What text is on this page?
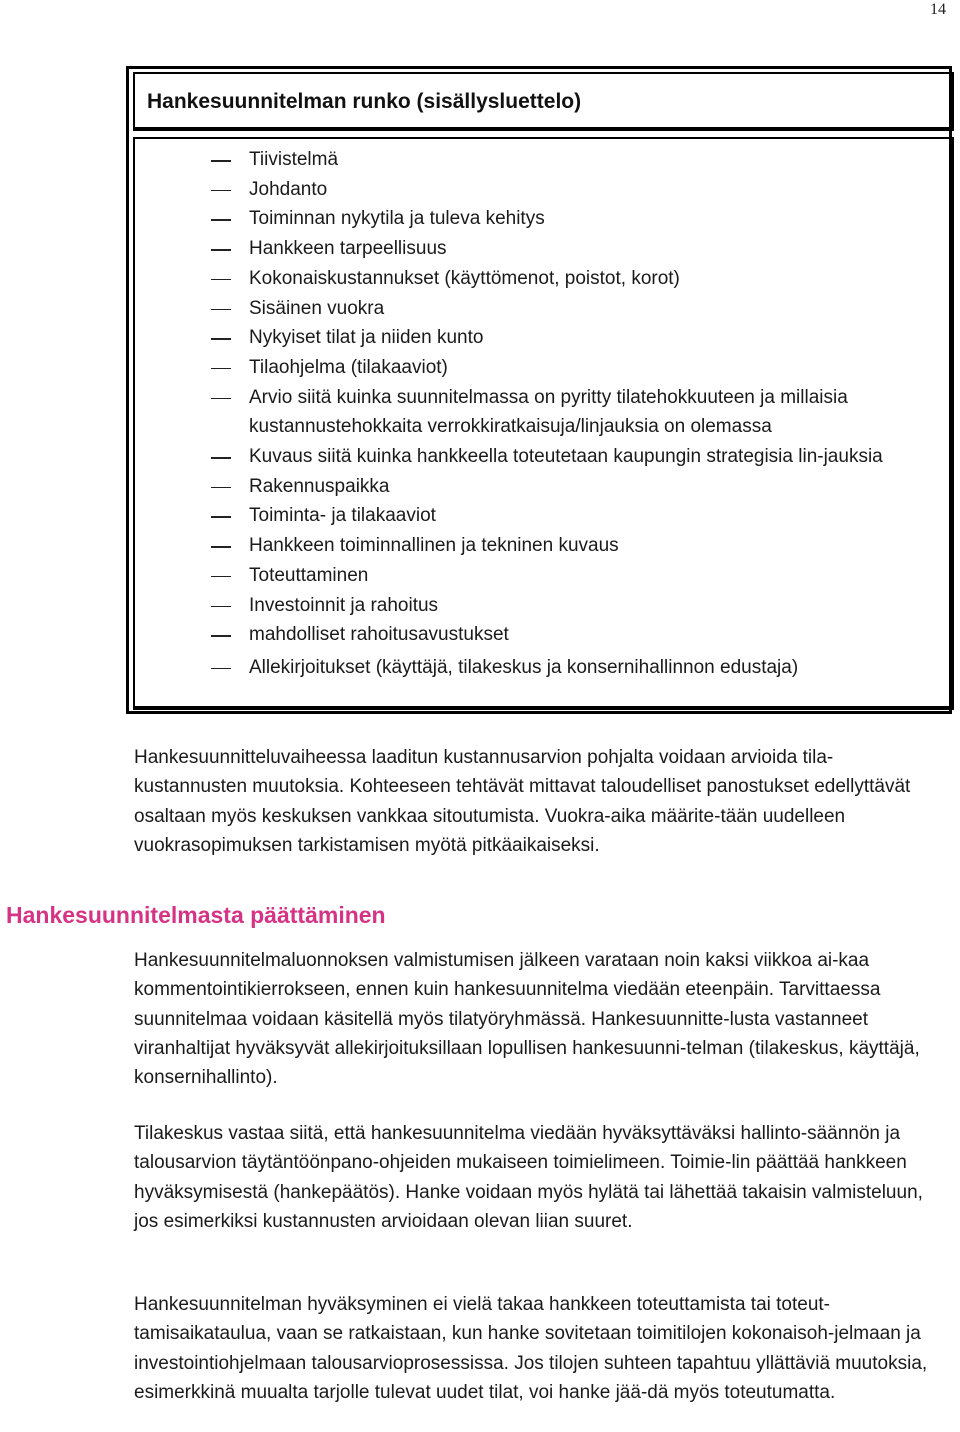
14
Hankesuunnitelman runko (sisällysluettelo)
Tiivistelmä
Johdanto
Toiminnan nykytila ja tuleva kehitys
Hankkeen tarpeellisuus
Kokonaiskustannukset (käyttömenot, poistot, korot)
Sisäinen vuokra
Nykyiset tilat ja niiden kunto
Tilaohjelma (tilakaaviot)
Arvio siitä kuinka suunnitelmassa on pyritty tilatehokkuuteen ja millaisia kustannustehokkaita verrokkiratkaisuja/linjauksia on olemassa
Kuvaus siitä kuinka hankkeella toteutetaan kaupungin strategisia lin-jauksia
Rakennuspaikka
Toiminta- ja tilakaaviot
Hankkeen toiminnallinen ja tekninen kuvaus
Toteuttaminen
Investoinnit ja rahoitus
mahdolliset rahoitusavustukset
Allekirjoitukset (käyttäjä, tilakeskus ja konsernihallinnon edustaja)

Hankesuunnitteluvaiheessa laaditun kustannusarvion pohjalta voidaan arvioida tila-kustannusten muutoksia. Kohteeseen tehtävät mittavat taloudelliset panostukset edellyttävät osaltaan myös keskuksen vankkaa sitoutumista. Vuokra-aika määrite-tään uudelleen vuokrasopimuksen tarkistamisen myötä pitkäaikaiseksi.

Hankesuunnitelmasta päättäminen

Hankesuunnitelmaluonnoksen valmistumisen jälkeen varataan noin kaksi viikkoa ai-kaa kommentointikierrokseen, ennen kuin hankesuunnitelma viedään eteenpäin. Tarvittaessa suunnitelmaa voidaan käsitellä myös tilatyöryhmässä. Hankesuunnitte-lusta vastanneet viranhaltijat hyväksyvät allekirjoituksillaan lopullisen hankesuunni-telman (tilakeskus, käyttäjä, konsernihallinto).

Tilakeskus vastaa siitä, että hankesuunnitelma viedään hyväksyttäväksi hallinto-säännön ja talousarvion täytäntöönpano-ohjeiden mukaiseen toimielimeen. Toimie-lin päättää hankkeen hyväksymisestä (hankepäätös). Hanke voidaan myös hylätä tai lähettää takaisin valmisteluun, jos esimerkiksi kustannusten arvioidaan olevan liian suuret.

Hankesuunnitelman hyväksyminen ei vielä takaa hankkeen toteuttamista tai toteut-tamisaikataulua, vaan se ratkaistaan, kun hanke sovitetaan toimitilojen kokonaisoh-jelmaan ja investointiohjelmaan talousarvioprosessissa. Jos tilojen suhteen tapahtuu yllättäviä muutoksia, esimerkkinä muualta tarjolle tulevat uudet tilat, voi hanke jää-dä myös toteutumatta.
